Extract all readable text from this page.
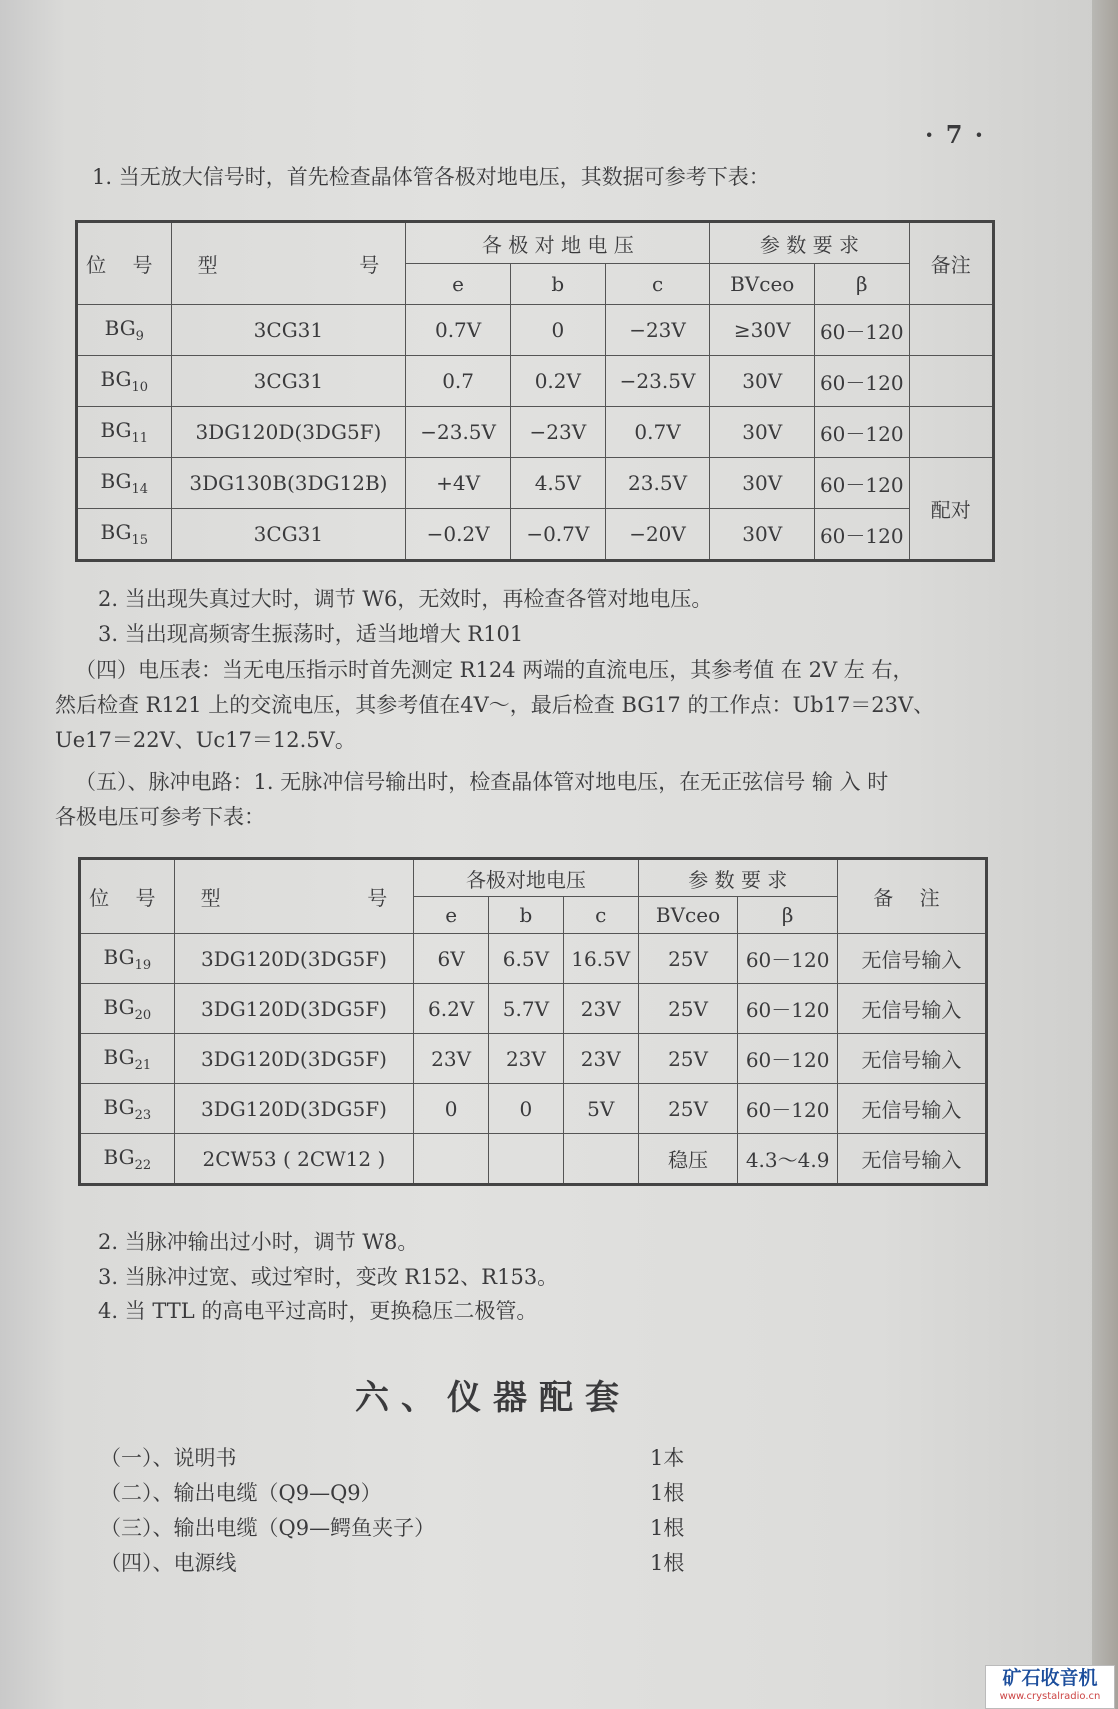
· 7 ·
1. 当无放大信号时，首先检查晶体管各极对地电压，其数据可参考下表：
位 号	型 号	各 极 对 地 电 压			参 数 要 求		备注
		e	b	c	BVceo	β	
$BG_9$	3CG31	0.7V	0	−23V	≥30V	60－120	
$BG_{10}$	3CG31	0.7	0.2V	−23.5V	30V	60－120	
$BG_{11}$	3DG120D(3DG5F)	−23.5V	−23V	0.7V	30V	60－120	
$BG_{14}$	3DG130B(3DG12B)	+4V	4.5V	23.5V	30V	60－120	配对
$BG_{15}$	3CG31	−0.2V	−0.7V	−20V	30V	60－120	
2. 当出现失真过大时，调节 W6，无效时，再检查各管对地电压。
3. 当出现高频寄生振荡时，适当地增大 R101
（四）电压表：当无电压指示时首先测定 R124 两端的直流电压，其参考值 在 2V 左 右，
然后检查 R121 上的交流电压，其参考值在4V～，最后检查 BG17 的工作点：Ub17＝23V、
Ue17＝22V、Uc17＝12.5V。
（五）、脉冲电路：1. 无脉冲信号输出时，检查晶体管对地电压，在无正弦信号 输 入 时
各极电压可参考下表：
位 号	型 号	各极对地电压			参 数 要 求		备 注
		e	b	c	BVceo	β	
$BG_{19}$	3DG120D(3DG5F)	6V	6.5V	16.5V	25V	60－120	无信号输入
$BG_{20}$	3DG120D(3DG5F)	6.2V	5.7V	23V	25V	60－120	无信号输入
$BG_{21}$	3DG120D(3DG5F)	23V	23V	23V	25V	60－120	无信号输入
$BG_{23}$	3DG120D(3DG5F)	0	0	5V	25V	60－120	无信号输入
$BG_{22}$	2CW53 ( 2CW12 )				稳压	4.3～4.9	无信号输入
2. 当脉冲输出过小时，调节 W8。
3. 当脉冲过宽、或过窄时，变改 R152、R153。
4. 当 TTL 的高电平过高时，更换稳压二极管。
六、仪器配套
（一）、说明书	1本
（二）、输出电缆（Q9—Q9）	1根
（三）、输出电缆（Q9—鳄鱼夹子）	1根
（四）、电源线	1根
矿石收音机
www.crystalradio.cn
